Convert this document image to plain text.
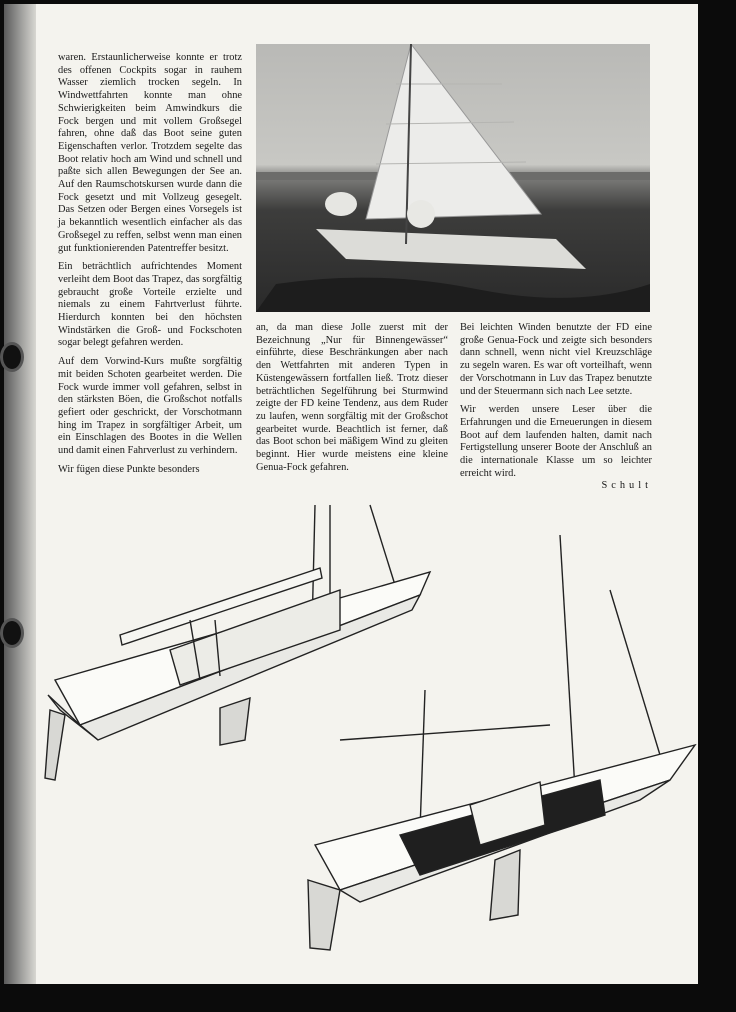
waren. Erstaunlicherweise konnte er trotz des offenen Cockpits sogar in rauhem Wasser ziemlich trocken segeln. In Windwettfahrten konnte man ohne Schwierigkeiten beim Amwindkurs die Fock bergen und mit vollem Großsegel fahren, ohne daß das Boot seine guten Eigenschaften verlor. Trotzdem segelte das Boot relativ hoch am Wind und schnell und paßte sich allen Bewegungen der See an. Auf den Raumschotskursen wurde dann die Fock gesetzt und mit Vollzeug gesegelt. Das Setzen oder Bergen eines Vorsegels ist ja bekanntlich wesentlich einfacher als das Großsegel zu reffen, selbst wenn man einen gut funktionierenden Patentreffer besitzt.

Ein beträchtlich aufrichtendes Moment verleiht dem Boot das Trapez, das sorgfältig gebraucht große Vorteile erzielte und niemals zu einem Fahrtverlust führte. Hierdurch konnten bei den höchsten Windstärken die Groß- und Fockschoten sogar belegt gefahren werden.

Auf dem Vorwind-Kurs mußte sorgfältig mit beiden Schoten gearbeitet werden. Die Fock wurde immer voll gefahren, selbst in den stärksten Böen, die Großschot notfalls gefiert oder geschrickt, der Vorschotmann hing im Trapez in sorgfältiger Arbeit, um ein Einschlagen des Bootes in die Wellen und damit einen Fahrverlust zu verhindern.

Wir fügen diese Punkte besonders

an, da man diese Jolle zuerst mit der Bezeichnung „Nur für Binnengewässer“ einführte, diese Beschränkungen aber nach den Wettfahrten mit anderen Typen in Küstengewässern fortfallen ließ. Trotz dieser beträchtlichen Segelführung bei Sturmwind zeigte der FD keine Tendenz, aus dem Ruder zu laufen, wenn sorgfältig mit der Großschot gearbeitet wurde. Beachtlich ist ferner, daß das Boot schon bei mäßigem Wind zu gleiten beginnt. Hier wurde meistens eine kleine Genua-Fock gefahren.

Bei leichten Winden benutzte der FD eine große Genua-Fock und zeigte sich besonders dann schnell, wenn nicht viel Kreuzschläge zu segeln waren. Es war oft vorteilhaft, wenn der Vorschotmann in Luv das Trapez benutzte und der Steuermann sich nach Lee setzte.

Wir werden unsere Leser über die Erfahrungen und die Erneuerungen in diesem Boot auf dem laufenden halten, damit nach Fertigstellung unserer Boote der Anschluß an die internationale Klasse um so leichter erreicht wird.

Schult
